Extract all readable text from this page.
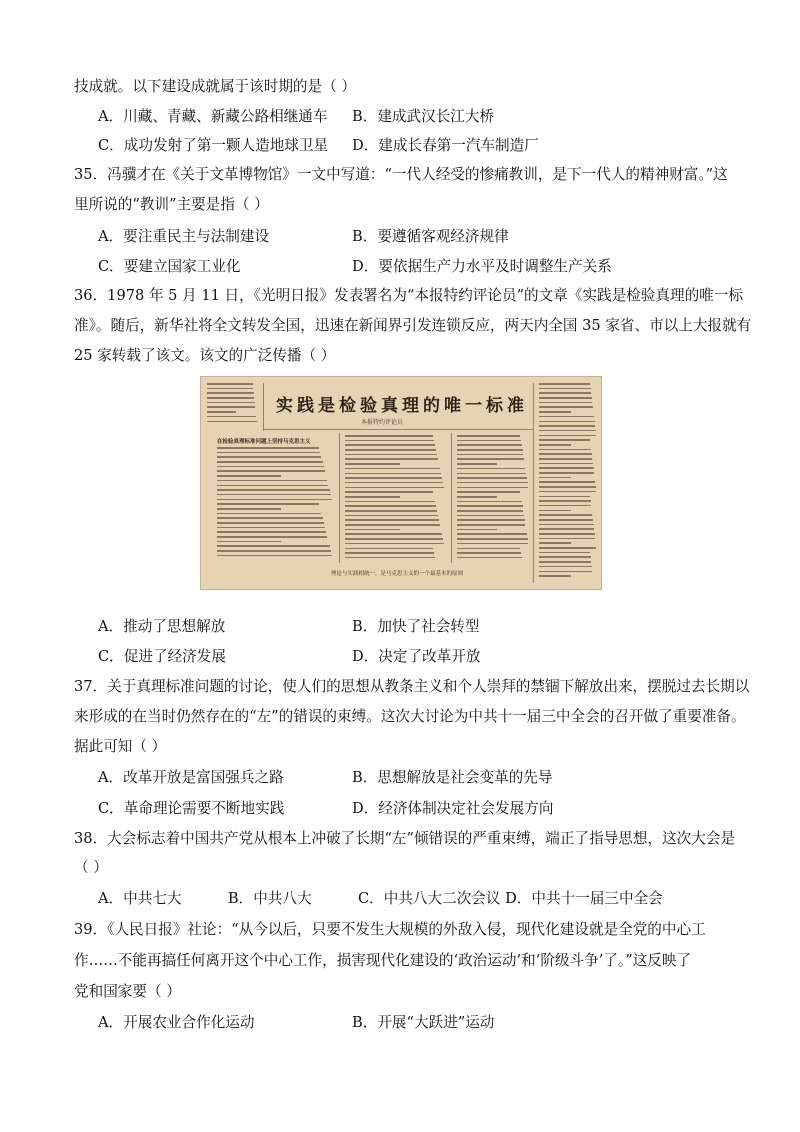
技成就。以下建设成就属于该时期的是（ ）
A．川藏、青藏、新藏公路相继通车 B．建成武汉长江大桥
C．成功发射了第一颗人造地球卫星 D．建成长春第一汽车制造厂
35．冯骥才在《关于文革博物馆》一文中写道：“一代人经受的惨痛教训，是下一代人的精神财富。”这
里所说的“教训”主要是指（ ）
A．要注重民主与法制建设	B．要遵循客观经济规律
C．要建立国家工业化	D．要依据生产力水平及时调整生产关系
36．1978 年 5 月 11 日，《光明日报》发表署名为“本报特约评论员”的文章《实践是检验真理的唯一标
准》。随后，新华社将全文转发全国，迅速在新闻界引发连锁反应，两天内全国 35 家省、市以上大报就有
25 家转载了该文。该文的广泛传播（ ）
实践是检验真理的唯一标准
本报特约评论员
在检验真理标准问题上坚持马克思主义
理论与实践相统一，是马克思主义的一个最基本的原则
A．推动了思想解放	B．加快了社会转型
C．促进了经济发展	D．决定了改革开放
37．关于真理标准问题的讨论，使人们的思想从教条主义和个人崇拜的禁锢下解放出来，摆脱过去长期以
来形成的在当时仍然存在的“左”的错误的束缚。这次大讨论为中共十一届三中全会的召开做了重要准备。
据此可知（ ）
A．改革开放是富国强兵之路	B．思想解放是社会变革的先导
C．革命理论需要不断地实践	D．经济体制决定社会发展方向
38．大会标志着中国共产党从根本上冲破了长期“左”倾错误的严重束缚，端正了指导思想，这次大会是
（ ）
A．中共七大          B．中共八大          C．中共八大二次会议 D．中共十一届三中全会
39．《人民日报》社论：“从今以后，只要不发生大规模的外敌入侵，现代化建设就是全党的中心工
作……不能再搞任何离开这个中心工作，损害现代化建设的‘政治运动’和‘阶级斗争’了。”这反映了
党和国家要（ ）
A．开展农业合作化运动	B．开展“大跃进”运动
